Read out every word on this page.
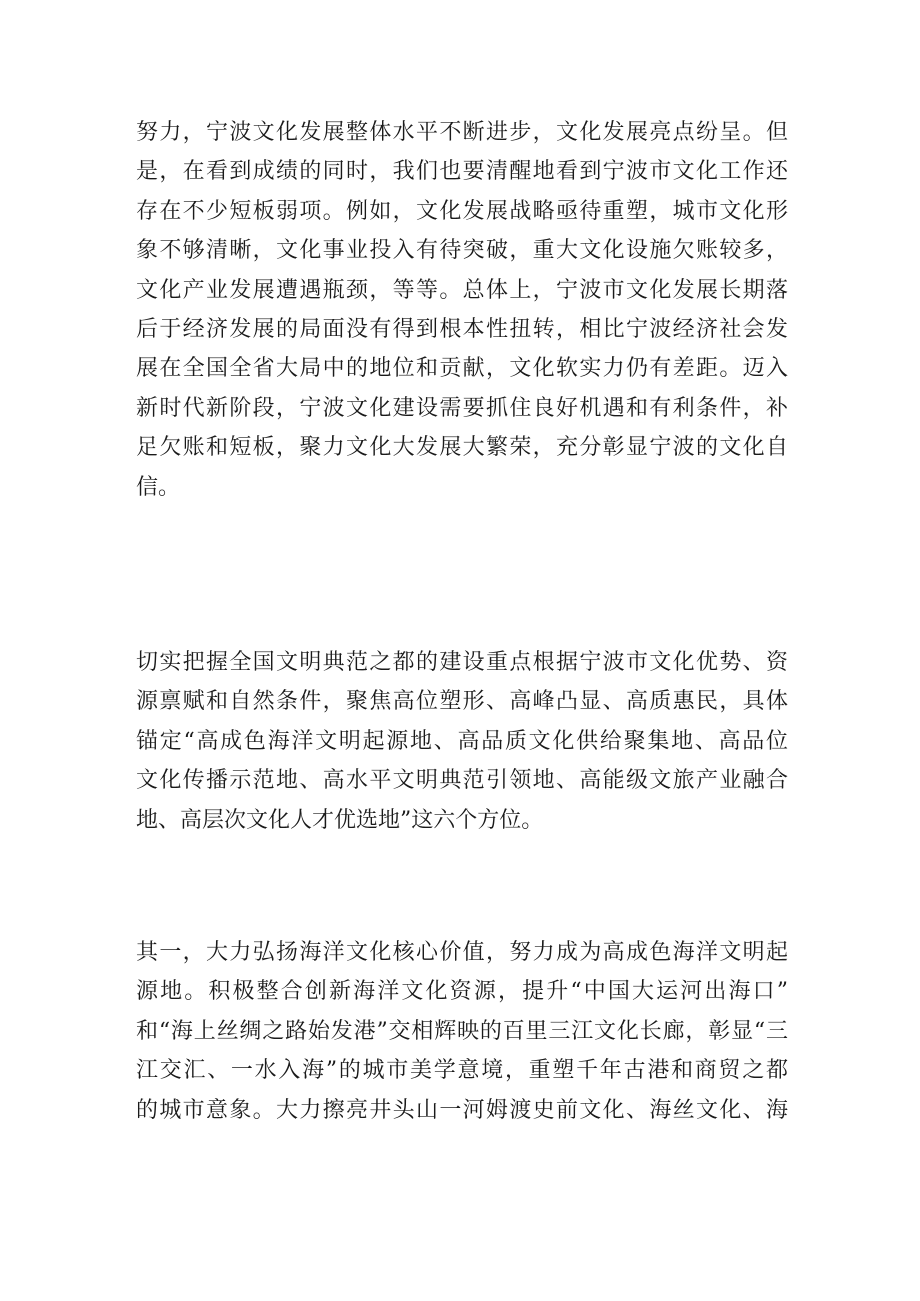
努力，宁波文化发展整体水平不断进步，文化发展亮点纷呈。但
是，在看到成绩的同时，我们也要清醒地看到宁波市文化工作还
存在不少短板弱项。例如，文化发展战略亟待重塑，城市文化形
象不够清晰，文化事业投入有待突破，重大文化设施欠账较多，
文化产业发展遭遇瓶颈，等等。总体上，宁波市文化发展长期落
后于经济发展的局面没有得到根本性扭转，相比宁波经济社会发
展在全国全省大局中的地位和贡献，文化软实力仍有差距。迈入
新时代新阶段，宁波文化建设需要抓住良好机遇和有利条件，补
足欠账和短板，聚力文化大发展大繁荣，充分彰显宁波的文化自
信。
切实把握全国文明典范之都的建设重点根据宁波市文化优势、资
源禀赋和自然条件，聚焦高位塑形、高峰凸显、高质惠民，具体
锚定“高成色海洋文明起源地、高品质文化供给聚集地、高品位
文化传播示范地、高水平文明典范引领地、高能级文旅产业融合
地、高层次文化人才优选地”这六个方位。
其一，大力弘扬海洋文化核心价值，努力成为高成色海洋文明起
源地。积极整合创新海洋文化资源，提升“中国大运河出海口”
和“海上丝绸之路始发港”交相辉映的百里三江文化长廊，彰显“三
江交汇、一水入海”的城市美学意境，重塑千年古港和商贸之都
的城市意象。大力擦亮井头山一河姆渡史前文化、海丝文化、海
